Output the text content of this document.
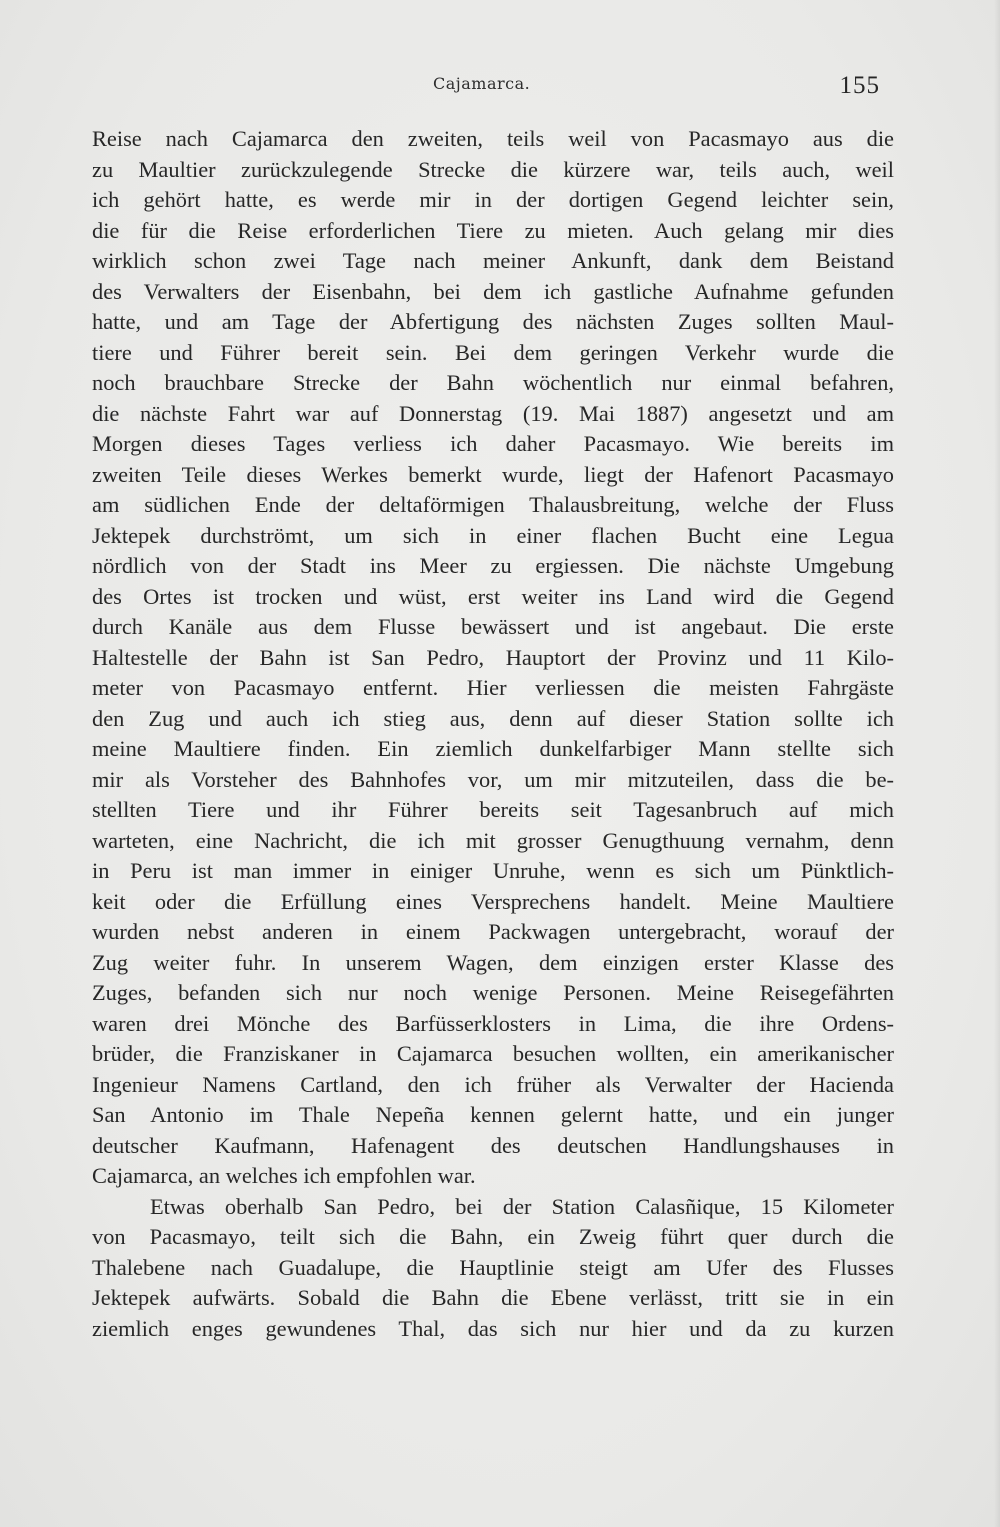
Cajamarca.	155
Reise nach Cajamarca den zweiten, teils weil von Pacasmayo aus die
zu Maultier zurückzulegende Strecke die kürzere war, teils auch, weil
ich gehört hatte, es werde mir in der dortigen Gegend leichter sein,
die für die Reise erforderlichen Tiere zu mieten. Auch gelang mir dies
wirklich schon zwei Tage nach meiner Ankunft, dank dem Beistand
des Verwalters der Eisenbahn, bei dem ich gastliche Aufnahme gefunden
hatte, und am Tage der Abfertigung des nächsten Zuges sollten Maul-
tiere und Führer bereit sein. Bei dem geringen Verkehr wurde die
noch brauchbare Strecke der Bahn wöchentlich nur einmal befahren,
die nächste Fahrt war auf Donnerstag (19. Mai 1887) angesetzt und am
Morgen dieses Tages verliess ich daher Pacasmayo. Wie bereits im
zweiten Teile dieses Werkes bemerkt wurde, liegt der Hafenort Pacasmayo
am südlichen Ende der deltaförmigen Thalausbreitung, welche der Fluss
Jektepek durchströmt, um sich in einer flachen Bucht eine Legua
nördlich von der Stadt ins Meer zu ergiessen. Die nächste Umgebung
des Ortes ist trocken und wüst, erst weiter ins Land wird die Gegend
durch Kanäle aus dem Flusse bewässert und ist angebaut. Die erste
Haltestelle der Bahn ist San Pedro, Hauptort der Provinz und 11 Kilo-
meter von Pacasmayo entfernt. Hier verliessen die meisten Fahrgäste
den Zug und auch ich stieg aus, denn auf dieser Station sollte ich
meine Maultiere finden. Ein ziemlich dunkelfarbiger Mann stellte sich
mir als Vorsteher des Bahnhofes vor, um mir mitzuteilen, dass die be-
stellten Tiere und ihr Führer bereits seit Tagesanbruch auf mich
warteten, eine Nachricht, die ich mit grosser Genugthuung vernahm, denn
in Peru ist man immer in einiger Unruhe, wenn es sich um Pünktlich-
keit oder die Erfüllung eines Versprechens handelt. Meine Maultiere
wurden nebst anderen in einem Packwagen untergebracht, worauf der
Zug weiter fuhr. In unserem Wagen, dem einzigen erster Klasse des
Zuges, befanden sich nur noch wenige Personen. Meine Reisegefährten
waren drei Mönche des Barfüsserklosters in Lima, die ihre Ordens-
brüder, die Franziskaner in Cajamarca besuchen wollten, ein amerikanischer
Ingenieur Namens Cartland, den ich früher als Verwalter der Hacienda
San Antonio im Thale Nepeña kennen gelernt hatte, und ein junger
deutscher Kaufmann, Hafenagent des deutschen Handlungshauses in
Cajamarca, an welches ich empfohlen war.
Etwas oberhalb San Pedro, bei der Station Calasñique, 15 Kilometer
von Pacasmayo, teilt sich die Bahn, ein Zweig führt quer durch die
Thalebene nach Guadalupe, die Hauptlinie steigt am Ufer des Flusses
Jektepek aufwärts. Sobald die Bahn die Ebene verlässt, tritt sie in ein
ziemlich enges gewundenes Thal, das sich nur hier und da zu kurzen
